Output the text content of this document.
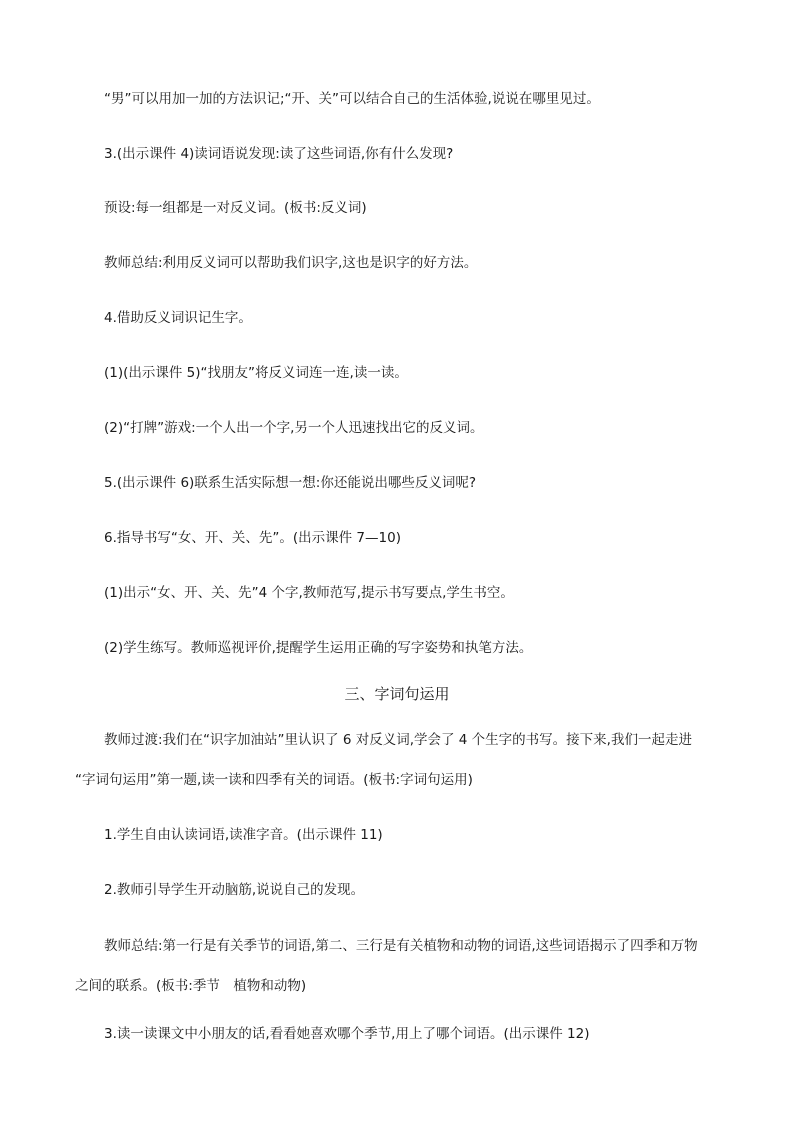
“男”可以用加一加的方法识记;“开、关”可以结合自己的生活体验,说说在哪里见过。
3.(出示课件 4)读词语说发现:读了这些词语,你有什么发现?
预设:每一组都是一对反义词。(板书:反义词)
教师总结:利用反义词可以帮助我们识字,这也是识字的好方法。
4.借助反义词识记生字。
(1)(出示课件 5)“找朋友”将反义词连一连,读一读。
(2)“打牌”游戏:一个人出一个字,另一个人迅速找出它的反义词。
5.(出示课件 6)联系生活实际想一想:你还能说出哪些反义词呢?
6.指导书写“女、开、关、先”。(出示课件 7—10)
(1)出示“女、开、关、先”4 个字,教师范写,提示书写要点,学生书空。
(2)学生练写。教师巡视评价,提醒学生运用正确的写字姿势和执笔方法。
三、字词句运用
教师过渡:我们在“识字加油站”里认识了 6 对反义词,学会了 4 个生字的书写。接下来,我们一起走进
“字词句运用”第一题,读一读和四季有关的词语。(板书:字词句运用)
1.学生自由认读词语,读准字音。(出示课件 11)
2.教师引导学生开动脑筋,说说自己的发现。
教师总结:第一行是有关季节的词语,第二、三行是有关植物和动物的词语,这些词语揭示了四季和万物
之间的联系。(板书:季节　植物和动物)
3.读一读课文中小朋友的话,看看她喜欢哪个季节,用上了哪个词语。(出示课件 12)
